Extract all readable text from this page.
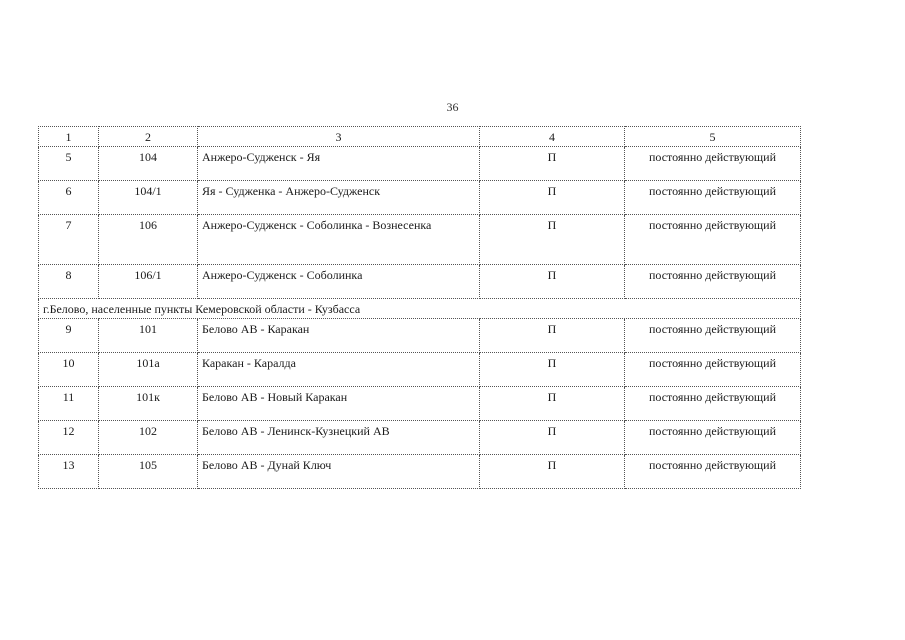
36
1	2	3	4	5
5	104	Анжеро-Судженск - Яя	П	постоянно действующий
6	104/1	Яя - Судженка - Анжеро-Судженск	П	постоянно действующий
7	106	Анжеро-Судженск - Соболинка - Вознесенка	П	постоянно действующий
8	106/1	Анжеро-Судженск - Соболинка	П	постоянно действующий
г.Белово, населенные пункты Кемеровской области - Кузбасса				
9	101	Белово АВ - Каракан	П	постоянно действующий
10	101а	Каракан - Каралда	П	постоянно действующий
11	101к	Белово АВ - Новый Каракан	П	постоянно действующий
12	102	Белово АВ - Ленинск-Кузнецкий АВ	П	постоянно действующий
13	105	Белово АВ - Дунай Ключ	П	постоянно действующий
